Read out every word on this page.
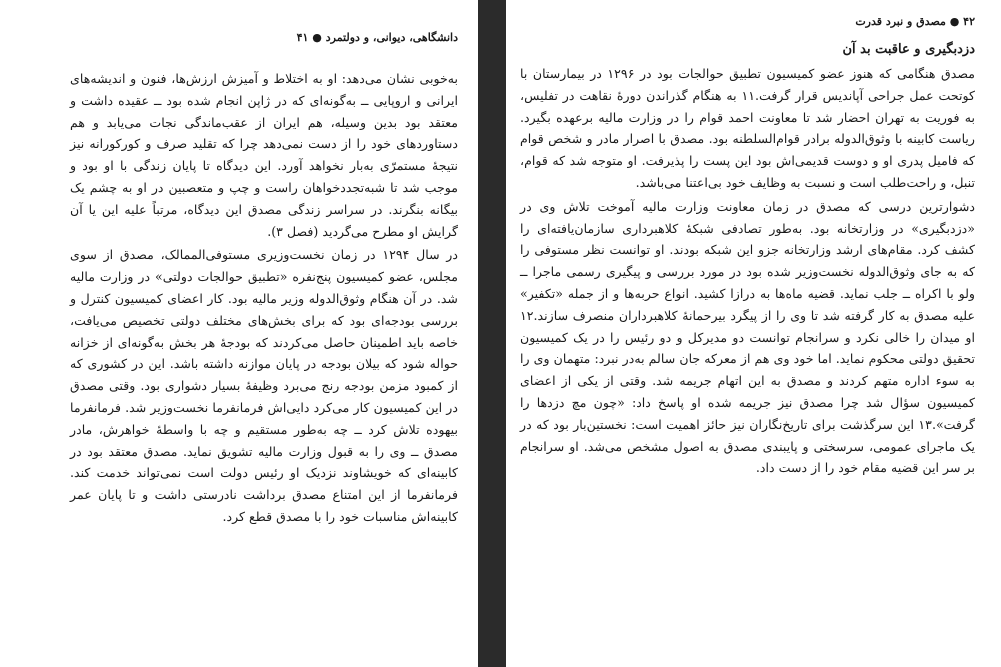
دانشگاهی، دیوانی، و دولتمرد ● ۴۱

به‌خوبی نشان می‌دهد: او به اختلاط و آمیزش ارزش‌ها، فنون و اندیشه‌های ایرانی و اروپایی ــ به‌گونه‌ای که در ژاپن انجام شده بود ــ عقیده داشت و معتقد بود بدین وسیله، هم ایران از عقب‌ماندگی نجات می‌یابد و هم دستاوردهای خود را از دست نمی‌دهد چرا که تقلید صرف و کورکورانه نیز نتیجهٔ مستمرّی به‌بار نخواهد آورد. این دیدگاه تا پایان زندگی با او بود و موجب شد تا شبه‌تجددخواهان راست و چپ و متعصبین در او به چشم یک بیگانه بنگرند. در سراسر زندگی مصدق این دیدگاه، مرتباً علیه این یا آن گرایش او مطرح می‌گردید (فصل ۳).

در سال ۱۲۹۴ در زمان نخست‌وزیری مستوفی‌الممالک، مصدق از سوی مجلس، عضو کمیسیون پنج‌نفره «تطبیق حوالجات دولتی» در وزارت مالیه شد. در آن هنگام وثوق‌الدوله وزیر مالیه بود. کار اعضای کمیسیون کنترل و بررسی بودجه‌ای بود که برای بخش‌های مختلف دولتی تخصیص می‌یافت، خاصه باید اطمینان حاصل می‌کردند که بودجهٔ هر بخش به‌گونه‌ای از خزانه حواله شود که بیلان بودجه در پایان موازنه داشته باشد. این در کشوری که از کمبود مزمن بودجه رنج می‌برد وظیفهٔ بسیار دشواری بود. وقتی مصدق در این کمیسیون کار می‌کرد دایی‌اش فرمانفرما نخست‌وزیر شد. فرمانفرما بیهوده تلاش کرد ــ چه به‌طور مستقیم و چه با واسطهٔ خواهرش، مادر مصدق ــ وی را به قبول وزارت مالیه تشویق نماید. مصدق معتقد بود در کابینه‌ای که خویشاوند نزدیک او رئیس دولت است نمی‌تواند خدمت کند. فرمانفرما از این امتناع مصدق برداشت نادرستی داشت و تا پایان عمر کابینه‌اش مناسبات خود را با مصدق قطع کرد.

۴۲ ● مصدق و نبرد قدرت
دزدبگیری و عاقبت بد آن

مصدق هنگامی که هنوز عضو کمیسیون تطبیق حوالجات بود در ۱۲۹۶ در بیمارستان با کوتحت عمل جراحی آپاندیس قرار گرفت.۱۱ به هنگام گذراندن دورهٔ نقاهت در تفلیس، به فوریت به تهران احضار شد تا معاونت احمد قوام را در وزارت مالیه برعهده بگیرد. ریاست کابینه با وثوق‌الدوله برادر قوام‌السلطنه بود. مصدق با اصرار مادر و شخص قوام که فامیل پدری او و دوست قدیمی‌اش بود این پست را پذیرفت. او متوجه شد که قوام، تنبل، و راحت‌طلب است و نسبت به وظایف خود بی‌اعتنا می‌باشد.

دشوارترین درسی که مصدق در زمان معاونت وزارت مالیه آموخت تلاش وی در «دزدبگیری» در وزارتخانه بود. به‌طور تصادفی شبکهٔ کلاهبرداری سازمان‌یافته‌ای را کشف کرد. مقام‌های ارشد وزارتخانه جزو این شبکه بودند. او توانست نظر مستوفی را که به جای وثوق‌الدوله نخست‌وزیر شده بود در مورد بررسی و پیگیری رسمی ماجرا ــ ولو با اکراه ــ جلب نماید. قضیه ماه‌ها به درازا کشید. انواع حربه‌ها و از جمله «تکفیر» علیه مصدق به کار گرفته شد تا وی را از پیگرد بیرحمانهٔ کلاهبرداران منصرف سازند.۱۲ او میدان را خالی نکرد و سرانجام توانست دو مدیرکل و دو رئیس را در یک کمیسیون تحقیق دولتی محکوم نماید. اما خود وی هم از معرکه جان سالم به‌در نبرد: متهمان وی را به سوء اداره متهم کردند و مصدق به این اتهام جریمه شد. وقتی از یکی از اعضای کمیسیون سؤال شد چرا مصدق نیز جریمه شده او پاسخ داد: «چون مچ دزدها را گرفت».۱۳ این سرگذشت برای تاریخ‌نگاران نیز حائز اهمیت است: نخستین‌بار بود که در یک ماجرای عمومی، سرسختی و پایبندی مصدق به اصول مشخص می‌شد. او سرانجام بر سر این قضیه مقام خود را از دست داد.
